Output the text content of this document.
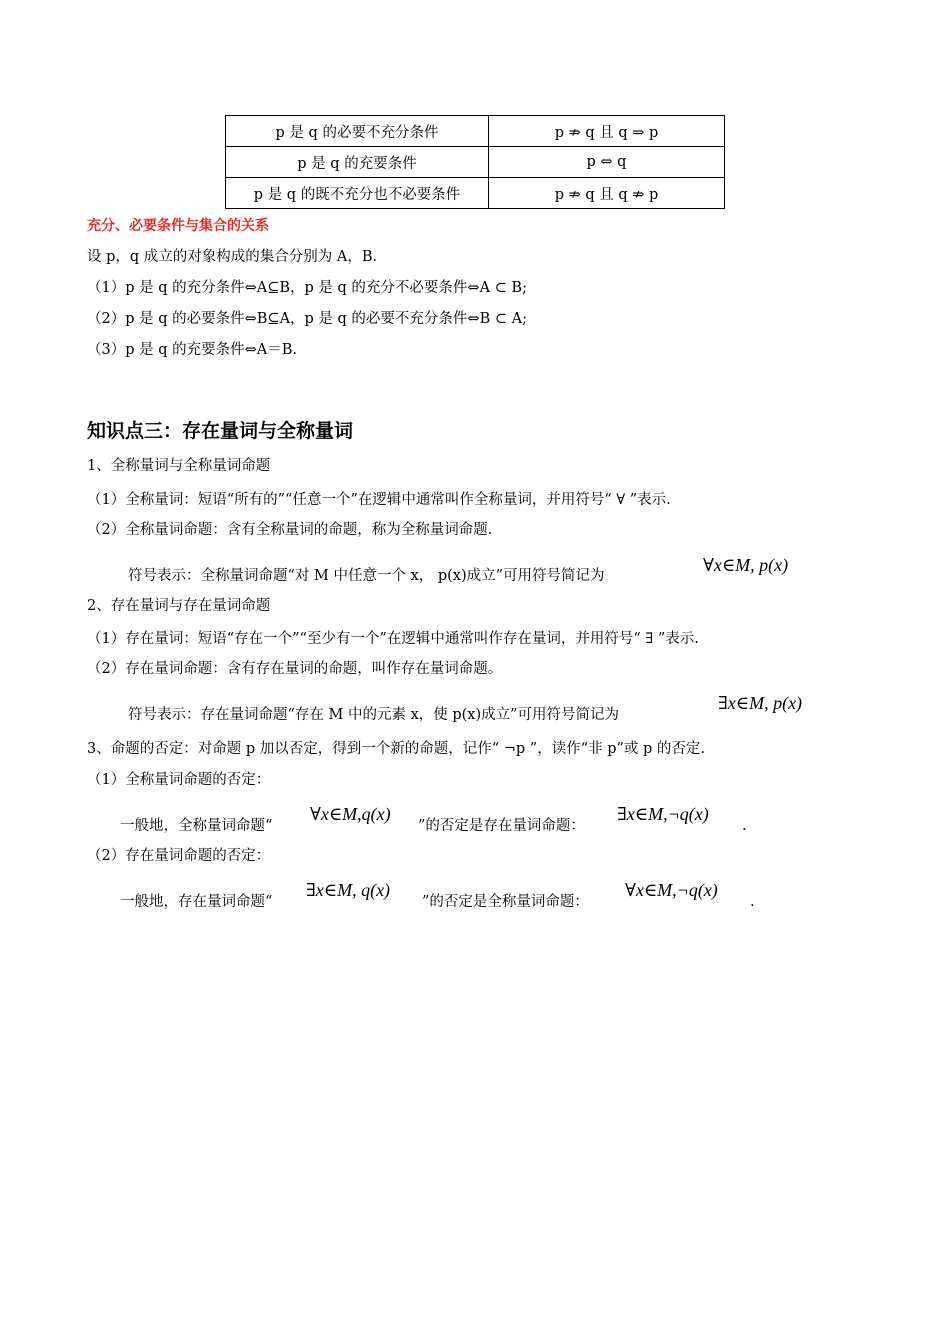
p 是 q 的必要不充分条件	p ⇏ q 且 q ⇒ p
p 是 q 的充要条件	p ⇔ q
p 是 q 的既不充分也不必要条件	p ⇏ q 且 q ⇏ p
充分、必要条件与集合的关系
设 p，q 成立的对象构成的集合分别为 A，B.
（1）p 是 q 的充分条件⇔A⊆B，p 是 q 的充分不必要条件⇔A ⊂ B;
（2）p 是 q 的必要条件⇔B⊆A，p 是 q 的必要不充分条件⇔B ⊂ A;
（3）p 是 q 的充要条件⇔A＝B.
知识点三：存在量词与全称量词
1、全称量词与全称量词命题
（1）全称量词：短语“所有的”“任意一个”在逻辑中通常叫作全称量词，并用符号“ ∀ ”表示.
（2）全称量词命题：含有全称量词的命题，称为全称量词命题.
符号表示：全称量词命题“对 M 中任意一个 x， p(x)成立”可用符号简记为
∀x∈M, p(x)
2、存在量词与存在量词命题
（1）存在量词：短语“存在一个”“至少有一个”在逻辑中通常叫作存在量词，并用符号“ ∃ ”表示.
（2）存在量词命题：含有存在量词的命题，叫作存在量词命题。
符号表示：存在量词命题“存在 M 中的元素 x，使 p(x)成立”可用符号简记为
∃x∈M, p(x)
3、命题的否定：对命题 p 加以否定，得到一个新的命题，记作“ ¬p ”，读作“非 p”或 p 的否定.
（1）全称量词命题的否定：
一般地，全称量词命题“
∀x∈M,q(x)
”的否定是存在量词命题：
∃x∈M,¬q(x)
.
（2）存在量词命题的否定：
一般地，存在量词命题“
∃x∈M, q(x)
”的否定是全称量词命题：
∀x∈M,¬q(x)
.
